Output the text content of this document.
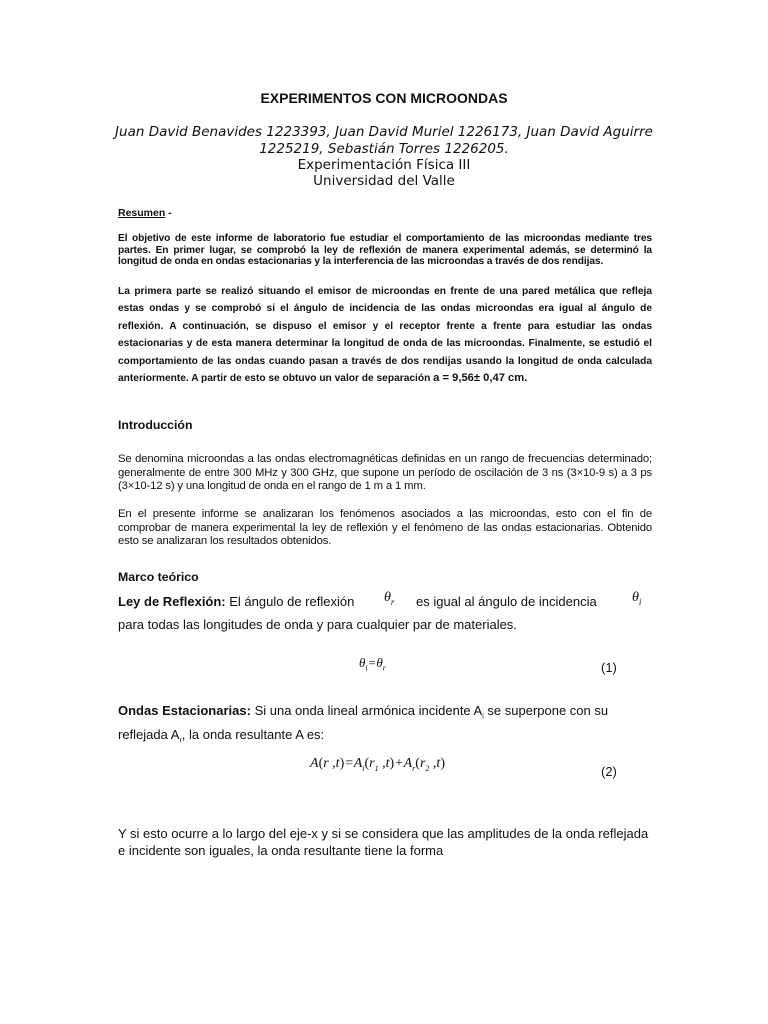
EXPERIMENTOS CON MICROONDAS
Juan David Benavides 1223393, Juan David Muriel 1226173, Juan David Aguirre
1225219, Sebastián Torres 1226205.
Experimentación Física III
Universidad del Valle
Resumen -
El objetivo de este informe de laboratorio fue estudiar el comportamiento de las microondas mediante tres partes. En primer lugar, se comprobó la ley de reflexión de manera experimental además, se determinó la longitud de onda en ondas estacionarias y la interferencia de las microondas a través de dos rendijas.
La primera parte se realizó situando el emisor de microondas en frente de una pared metálica que refleja estas ondas y se comprobó si el ángulo de incidencia de las ondas microondas era igual al ángulo de reflexión. A continuación, se dispuso el emisor y el receptor frente a frente para estudiar las ondas estacionarias y de esta manera determinar la longitud de onda de las microondas. Finalmente, se estudió el comportamiento de las ondas cuando pasan a través de dos rendijas usando la longitud de onda calculada anteriormente. A partir de esto se obtuvo un valor de separación a = 9,56± 0,47 cm.
Introducción
Se denomina microondas a las ondas electromagnéticas definidas en un rango de frecuencias determinado; generalmente de entre 300 MHz y 300 GHz, que supone un período de oscilación de 3 ns (3×10-9 s) a 3 ps (3×10-12 s) y una longitud de onda en el rango de 1 m a 1 mm.
En el presente informe se analizaran los fenómenos asociados a las microondas, esto con el fin de comprobar de manera experimental la ley de reflexión y el fenómeno de las ondas estacionarias. Obtenido esto se analizaran los resultados obtenidos.
Marco teórico
Ley de Reflexión: El ángulo de reflexión $\theta_r$ es igual al ángulo de incidencia	$\theta_i$
para todas las longitudes de onda y para cualquier par de materiales.
$\theta_i=\theta_r$	(1)
Ondas Estacionarias: Si una onda lineal armónica incidente $A_i$ se superpone con su reflejada $A_r$, la onda resultante A es:
A(r $,t)=A_i(r_1$ $,t)+A_r(r_2$ ,t)
(2)
Y si esto ocurre a lo largo del eje-x y si se considera que las amplitudes de la onda reflejada e incidente son iguales, la onda resultante tiene la forma
